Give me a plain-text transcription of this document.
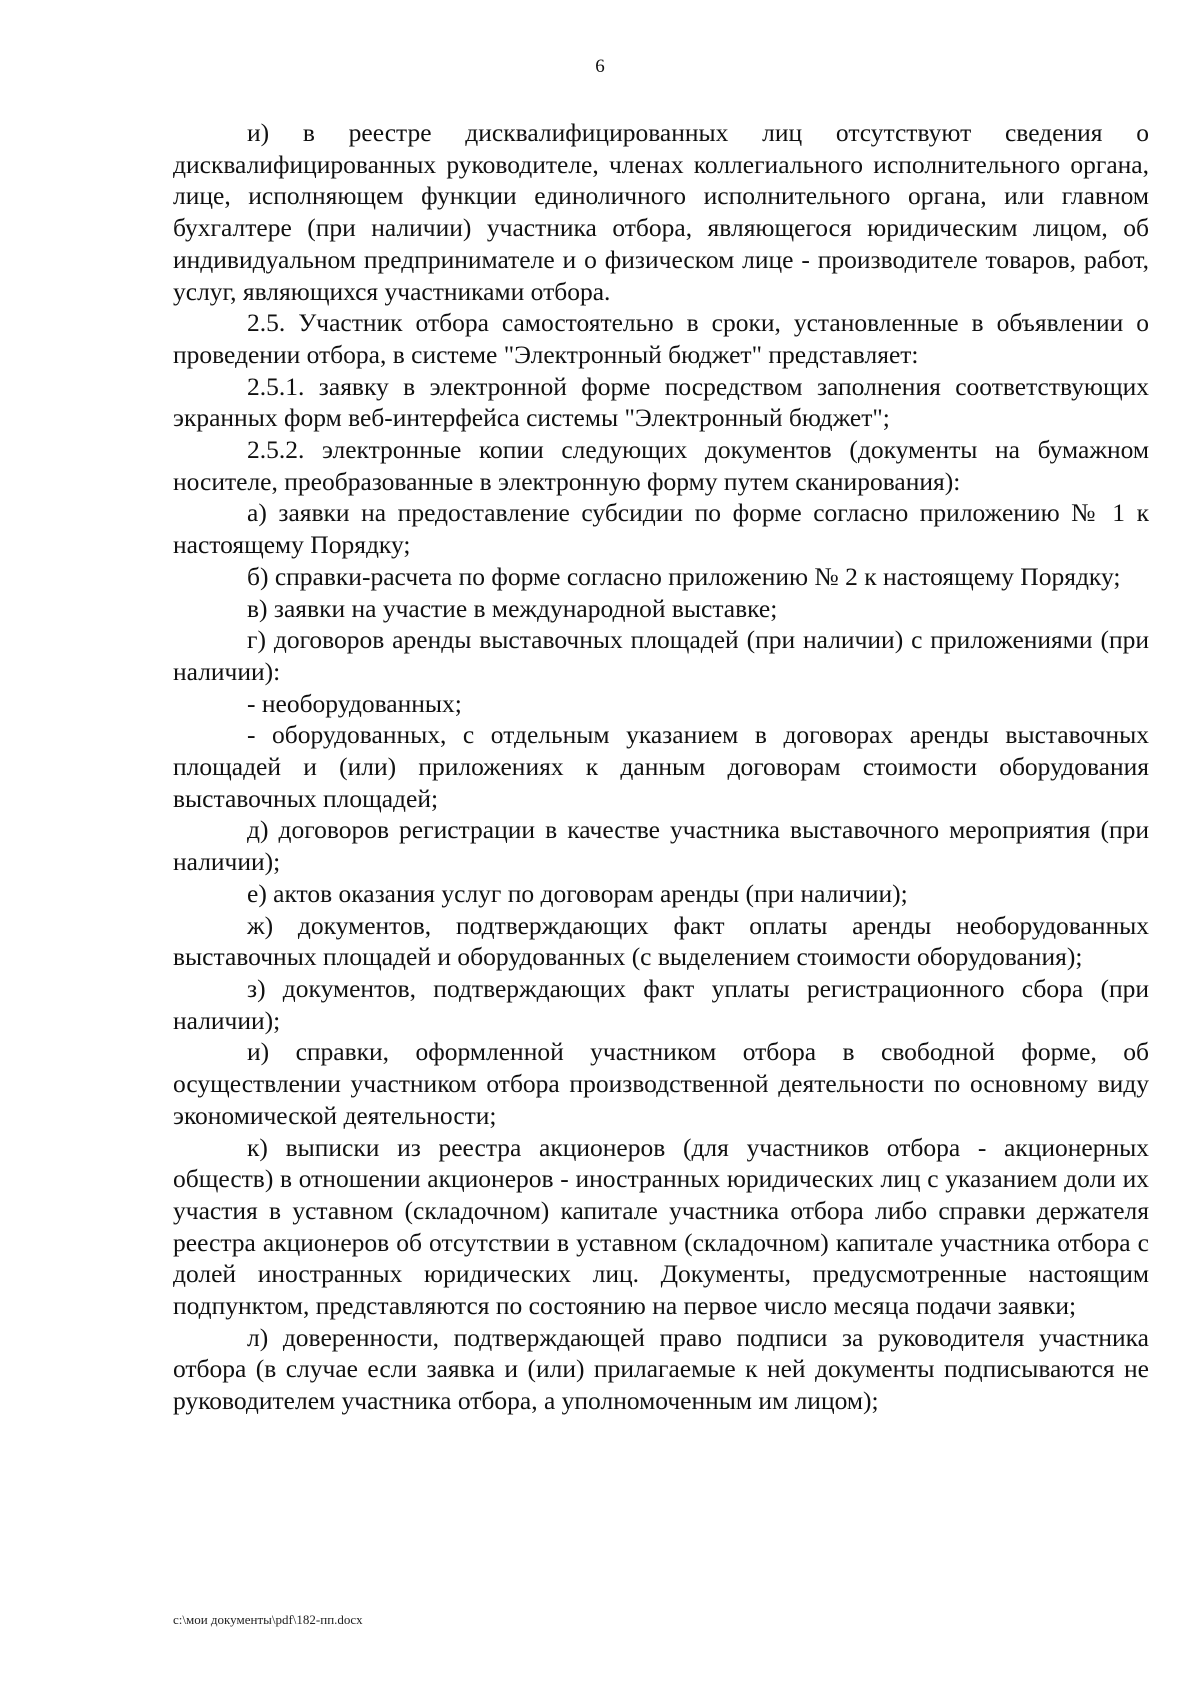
6

и) в реестре дисквалифицированных лиц отсутствуют сведения о дисквалифицированных руководителе, членах коллегиального исполнительного органа, лице, исполняющем функции единоличного исполнительного органа, или главном бухгалтере (при наличии) участника отбора, являющегося юридическим лицом, об индивидуальном предпринимателе и о физическом лице - производителе товаров, работ, услуг, являющихся участниками отбора.

2.5. Участник отбора самостоятельно в сроки, установленные в объявлении о проведении отбора, в системе "Электронный бюджет" представляет:

2.5.1. заявку в электронной форме посредством заполнения соответствующих экранных форм веб-интерфейса системы "Электронный бюджет";

2.5.2. электронные копии следующих документов (документы на бумажном носителе, преобразованные в электронную форму путем сканирования):

а) заявки на предоставление субсидии по форме согласно приложению № 1 к настоящему Порядку;

б) справки-расчета по форме согласно приложению № 2 к настоящему Порядку;

в) заявки на участие в международной выставке;

г) договоров аренды выставочных площадей (при наличии) с приложениями (при наличии):

- необорудованных;

- оборудованных, с отдельным указанием в договорах аренды выставочных площадей и (или) приложениях к данным договорам стоимости оборудования выставочных площадей;

д) договоров регистрации в качестве участника выставочного мероприятия (при наличии);

е) актов оказания услуг по договорам аренды (при наличии);

ж) документов, подтверждающих факт оплаты аренды необорудованных выставочных площадей и оборудованных (с выделением стоимости оборудования);

з) документов, подтверждающих факт уплаты регистрационного сбора (при наличии);

и) справки, оформленной участником отбора в свободной форме, об осуществлении участником отбора производственной деятельности по основному виду экономической деятельности;

к) выписки из реестра акционеров (для участников отбора - акционерных обществ) в отношении акционеров - иностранных юридических лиц с указанием доли их участия в уставном (складочном) капитале участника отбора либо справки держателя реестра акционеров об отсутствии в уставном (складочном) капитале участника отбора с долей иностранных юридических лиц. Документы, предусмотренные настоящим подпунктом, представляются по состоянию на первое число месяца подачи заявки;

л) доверенности, подтверждающей право подписи за руководителя участника отбора (в случае если заявка и (или) прилагаемые к ней документы подписываются не руководителем участника отбора, а уполномоченным им лицом);

c:\мои документы\pdf\182-пп.docx
